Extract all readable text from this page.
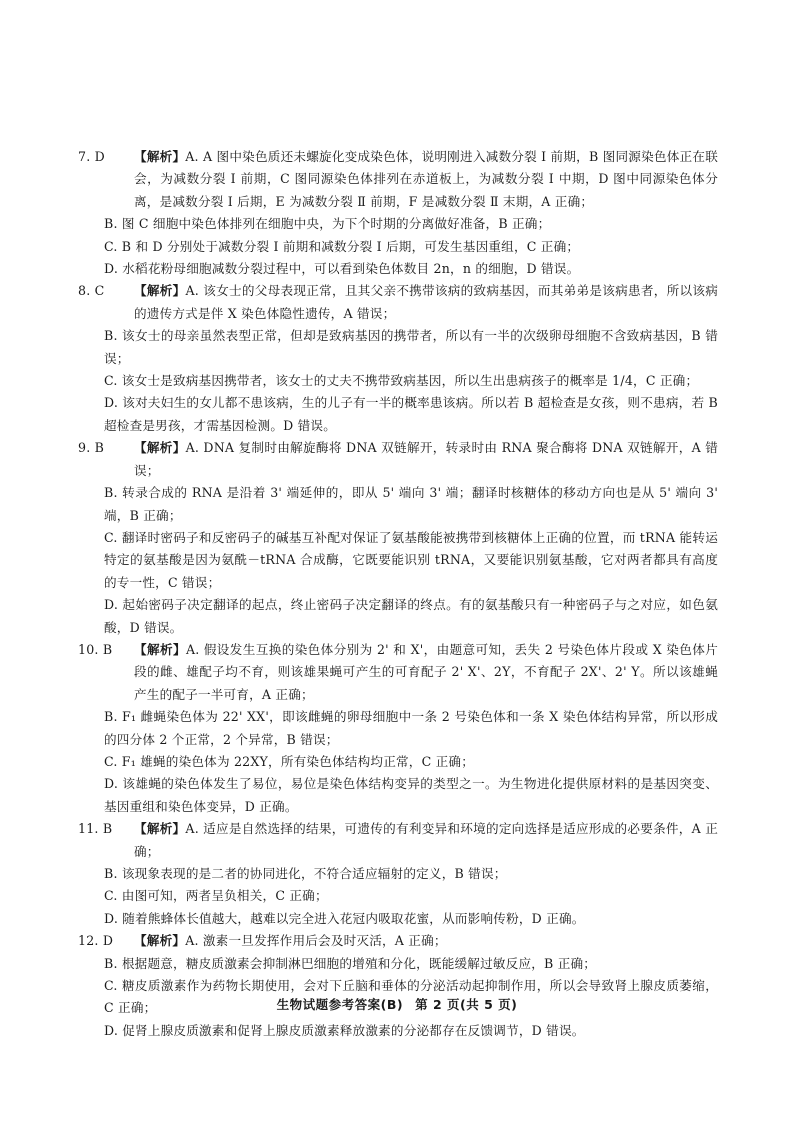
7. D	【解析】A. A 图中染色质还未螺旋化变成染色体，说明刚进入减数分裂 Ⅰ 前期，B 图同源染色体正在联会，为减数分裂 Ⅰ 前期，C 图同源染色体排列在赤道板上，为减数分裂 Ⅰ 中期，D 图中同源染色体分离，是减数分裂 Ⅰ 后期，E 为减数分裂 Ⅱ 前期，F 是减数分裂 Ⅱ 末期，A 正确；

B. 图 C 细胞中染色体排列在细胞中央，为下个时期的分离做好准备，B 正确；

C. B 和 D 分别处于减数分裂 Ⅰ 前期和减数分裂 Ⅰ 后期，可发生基因重组，C 正确；

D. 水稻花粉母细胞减数分裂过程中，可以看到染色体数目 2n，n 的细胞，D 错误。

8. C	【解析】A. 该女士的父母表现正常，且其父亲不携带该病的致病基因，而其弟弟是该病患者，所以该病的遗传方式是伴 X 染色体隐性遗传，A 错误；

B. 该女士的母亲虽然表型正常，但却是致病基因的携带者，所以有一半的次级卵母细胞不含致病基因，B 错误；

C. 该女士是致病基因携带者，该女士的丈夫不携带致病基因，所以生出患病孩子的概率是 1/4，C 正确；

D. 该对夫妇生的女儿都不患该病，生的儿子有一半的概率患该病。所以若 B 超检查是女孩，则不患病，若 B 超检查是男孩，才需基因检测。D 错误。

9. B	【解析】A. DNA 复制时由解旋酶将 DNA 双链解开，转录时由 RNA 聚合酶将 DNA 双链解开，A 错误；

B. 转录合成的 RNA 是沿着 3' 端延伸的，即从 5' 端向 3' 端；翻译时核糖体的移动方向也是从 5' 端向 3' 端，B 正确；

C. 翻译时密码子和反密码子的碱基互补配对保证了氨基酸能被携带到核糖体上正确的位置，而 tRNA 能转运特定的氨基酸是因为氨酰－tRNA 合成酶，它既要能识别 tRNA，又要能识别氨基酸，它对两者都具有高度的专一性，C 错误；

D. 起始密码子决定翻译的起点，终止密码子决定翻译的终点。有的氨基酸只有一种密码子与之对应，如色氨酸，D 错误。

10. B	【解析】A. 假设发生互换的染色体分别为 2' 和 X'，由题意可知，丢失 2 号染色体片段或 X 染色体片段的雌、雄配子均不育，则该雄果蝇可产生的可育配子 2' X'、2Y，不育配子 2X'、2' Y。所以该雄蝇产生的配子一半可育，A 正确；

B. F₁ 雌蝇染色体为 22' XX'，即该雌蝇的卵母细胞中一条 2 号染色体和一条 X 染色体结构异常，所以形成的四分体 2 个正常，2 个异常，B 错误；

C. F₁ 雄蝇的染色体为 22XY，所有染色体结构均正常，C 正确；

D. 该雄蝇的染色体发生了易位，易位是染色体结构变异的类型之一。为生物进化提供原材料的是基因突变、基因重组和染色体变异，D 正确。

11. B	【解析】A. 适应是自然选择的结果，可遗传的有利变异和环境的定向选择是适应形成的必要条件，A 正确；

B. 该现象表现的是二者的协同进化，不符合适应辐射的定义，B 错误；

C. 由图可知，两者呈负相关，C 正确；

D. 随着熊蜂体长值越大，越难以完全进入花冠内吸取花蜜，从而影响传粉，D 正确。

12. D	【解析】A. 激素一旦发挥作用后会及时灭活，A 正确；

B. 根据题意，糖皮质激素会抑制淋巴细胞的增殖和分化，既能缓解过敏反应，B 正确；

C. 糖皮质激素作为药物长期使用，会对下丘脑和垂体的分泌活动起抑制作用，所以会导致肾上腺皮质萎缩，C 正确；

D. 促肾上腺皮质激素和促肾上腺皮质激素释放激素的分泌都存在反馈调节，D 错误。

生物试题参考答案(B) 第 2 页(共 5 页)
